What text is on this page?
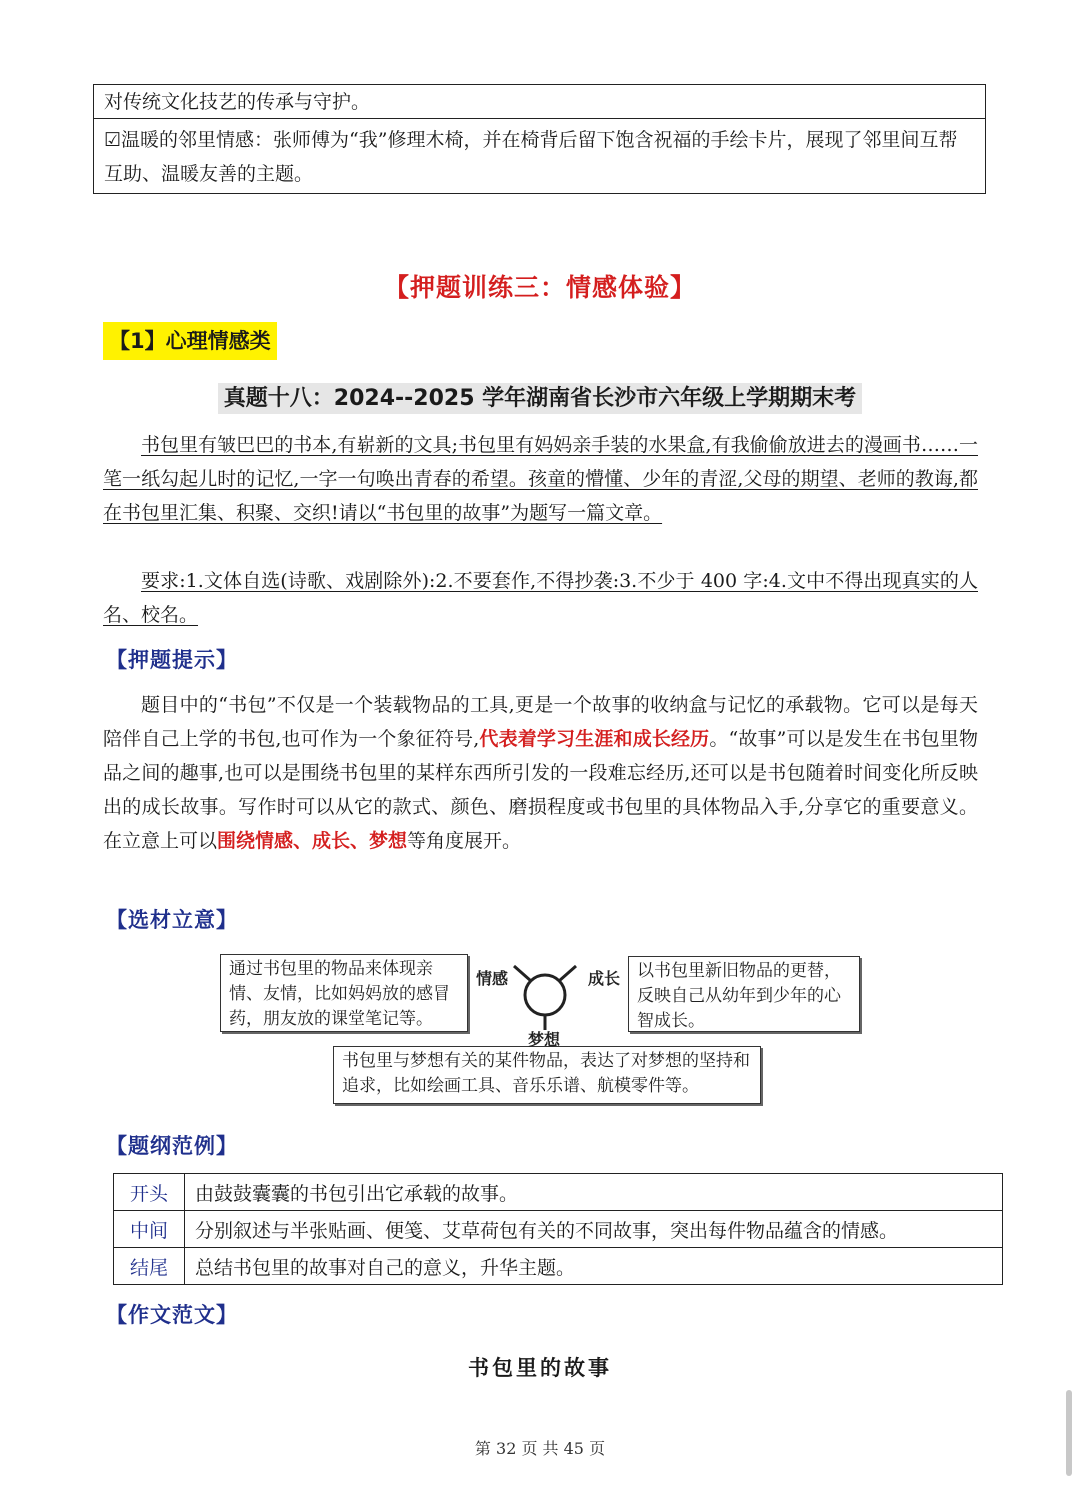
对传统文化技艺的传承与守护。
☑温暖的邻里情感：张师傅为“我”修理木椅，并在椅背后留下饱含祝福的手绘卡片，展现了邻里间互帮互助、温暖友善的主题。
【押题训练三：情感体验】
【1】心理情感类
真题十八：2024--2025 学年湖南省长沙市六年级上学期期末考
书包里有皱巴巴的书本,有崭新的文具;书包里有妈妈亲手装的水果盒,有我偷偷放进去的漫画书……一笔一纸勾起儿时的记忆,一字一句唤出青春的希望。孩童的懵懂、少年的青涩,父母的期望、老师的教诲,都在书包里汇集、积聚、交织!请以“书包里的故事”为题写一篇文章。
要求:1.文体自选(诗歌、戏剧除外):2.不要套作,不得抄袭:3.不少于 400 字:4.文中不得出现真实的人名、校名。
【押题提示】
题目中的“书包”不仅是一个装载物品的工具,更是一个故事的收纳盒与记忆的承载物。它可以是每天陪伴自己上学的书包,也可作为一个象征符号,代表着学习生涯和成长经历。“故事”可以是发生在书包里物品之间的趣事,也可以是围绕书包里的某样东西所引发的一段难忘经历,还可以是书包随着时间变化所反映出的成长故事。写作时可以从它的款式、颜色、磨损程度或书包里的具体物品入手,分享它的重要意义。在立意上可以围绕情感、成长、梦想等角度展开。
【选材立意】
通过书包里的物品来体现亲情、友情，比如妈妈放的感冒药，朋友放的课堂笔记等。
以书包里新旧物品的更替，反映自己从幼年到少年的心智成长。
书包里与梦想有关的某件物品，表达了对梦想的坚持和追求，比如绘画工具、音乐乐谱、航模零件等。
情感	成长
梦想
【题纲范例】
开头	由鼓鼓囊囊的书包引出它承载的故事。
中间	分别叙述与半张贴画、便笺、艾草荷包有关的不同故事，突出每件物品蕴含的情感。
结尾	总结书包里的故事对自己的意义，升华主题。
【作文范文】
书包里的故事
第 32 页 共 45 页
